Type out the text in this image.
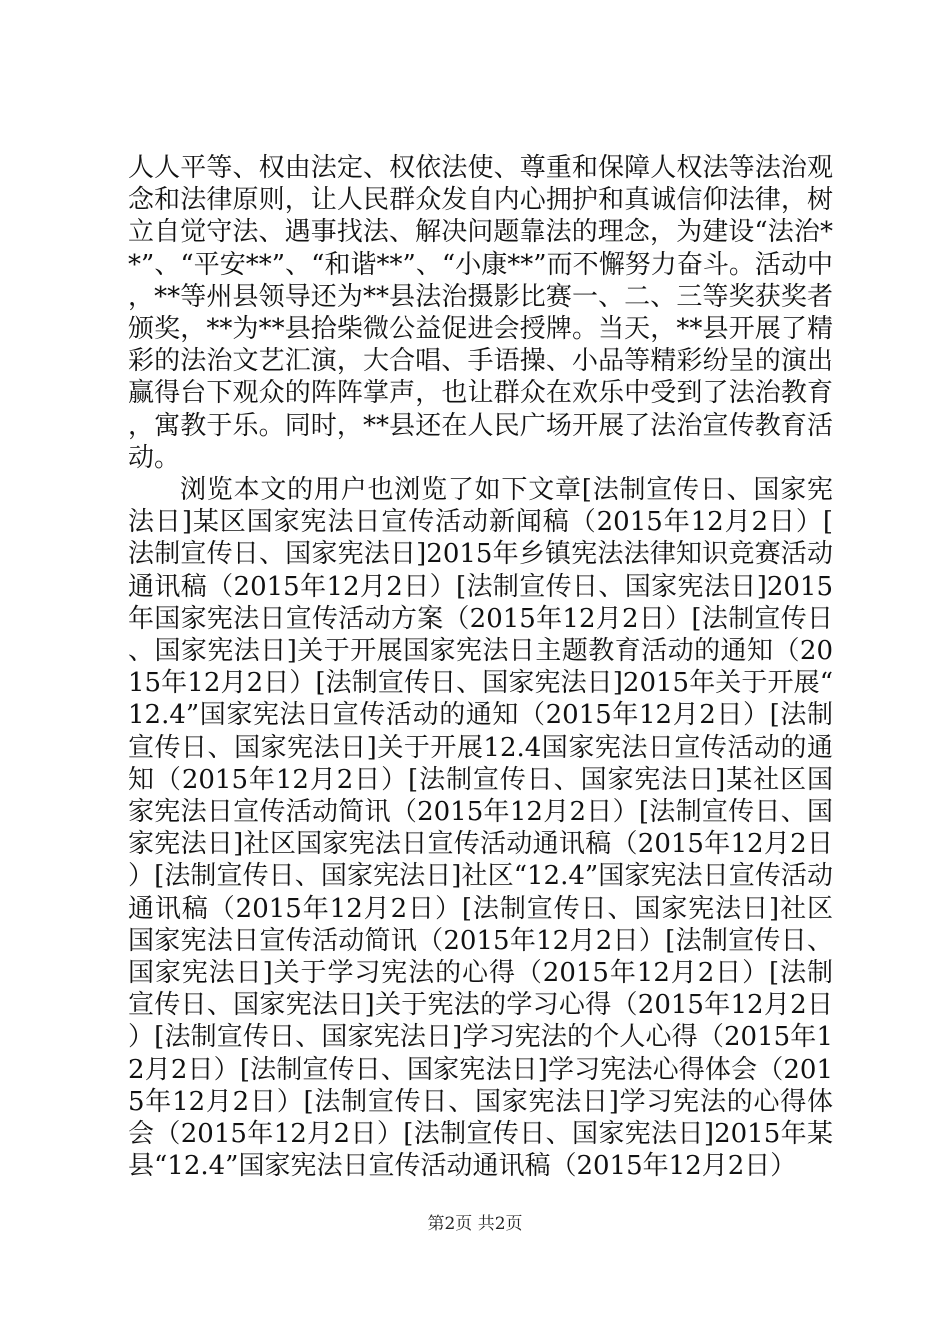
人人平等、权由法定、权依法使、尊重和保障人权法等法治观念和法律原则，让人民群众发自内心拥护和真诚信仰法律，树立自觉守法、遇事找法、解决问题靠法的理念，为建设“法治**”、“平安**”、“和谐**”、“小康**”而不懈努力奋斗。活动中，**等州县领导还为**县法治摄影比赛一、二、三等奖获奖者颁奖，**为**县拾柴微公益促进会授牌。当天，**县开展了精彩的法治文艺汇演，大合唱、手语操、小品等精彩纷呈的演出赢得台下观众的阵阵掌声，也让群众在欢乐中受到了法治教育，寓教于乐。同时，**县还在人民广场开展了法治宣传教育活动。

浏览本文的用户也浏览了如下文章[法制宣传日、国家宪法日]某区国家宪法日宣传活动新闻稿（2015年12月2日）[法制宣传日、国家宪法日]2015年乡镇宪法法律知识竞赛活动通讯稿（2015年12月2日）[法制宣传日、国家宪法日]2015年国家宪法日宣传活动方案（2015年12月2日）[法制宣传日、国家宪法日]关于开展国家宪法日主题教育活动的通知（2015年12月2日）[法制宣传日、国家宪法日]2015年关于开展“12.4”国家宪法日宣传活动的通知（2015年12月2日）[法制宣传日、国家宪法日]关于开展12.4国家宪法日宣传活动的通知（2015年12月2日）[法制宣传日、国家宪法日]某社区国家宪法日宣传活动简讯（2015年12月2日）[法制宣传日、国家宪法日]社区国家宪法日宣传活动通讯稿（2015年12月2日）[法制宣传日、国家宪法日]社区“12.4”国家宪法日宣传活动通讯稿（2015年12月2日）[法制宣传日、国家宪法日]社区国家宪法日宣传活动简讯（2015年12月2日）[法制宣传日、国家宪法日]关于学习宪法的心得（2015年12月2日）[法制宣传日、国家宪法日]关于宪法的学习心得（2015年12月2日）[法制宣传日、国家宪法日]学习宪法的个人心得（2015年12月2日）[法制宣传日、国家宪法日]学习宪法心得体会（2015年12月2日）[法制宣传日、国家宪法日]学习宪法的心得体会（2015年12月2日）[法制宣传日、国家宪法日]2015年某县“12.4”国家宪法日宣传活动通讯稿（2015年12月2日）

第2页 共2页
